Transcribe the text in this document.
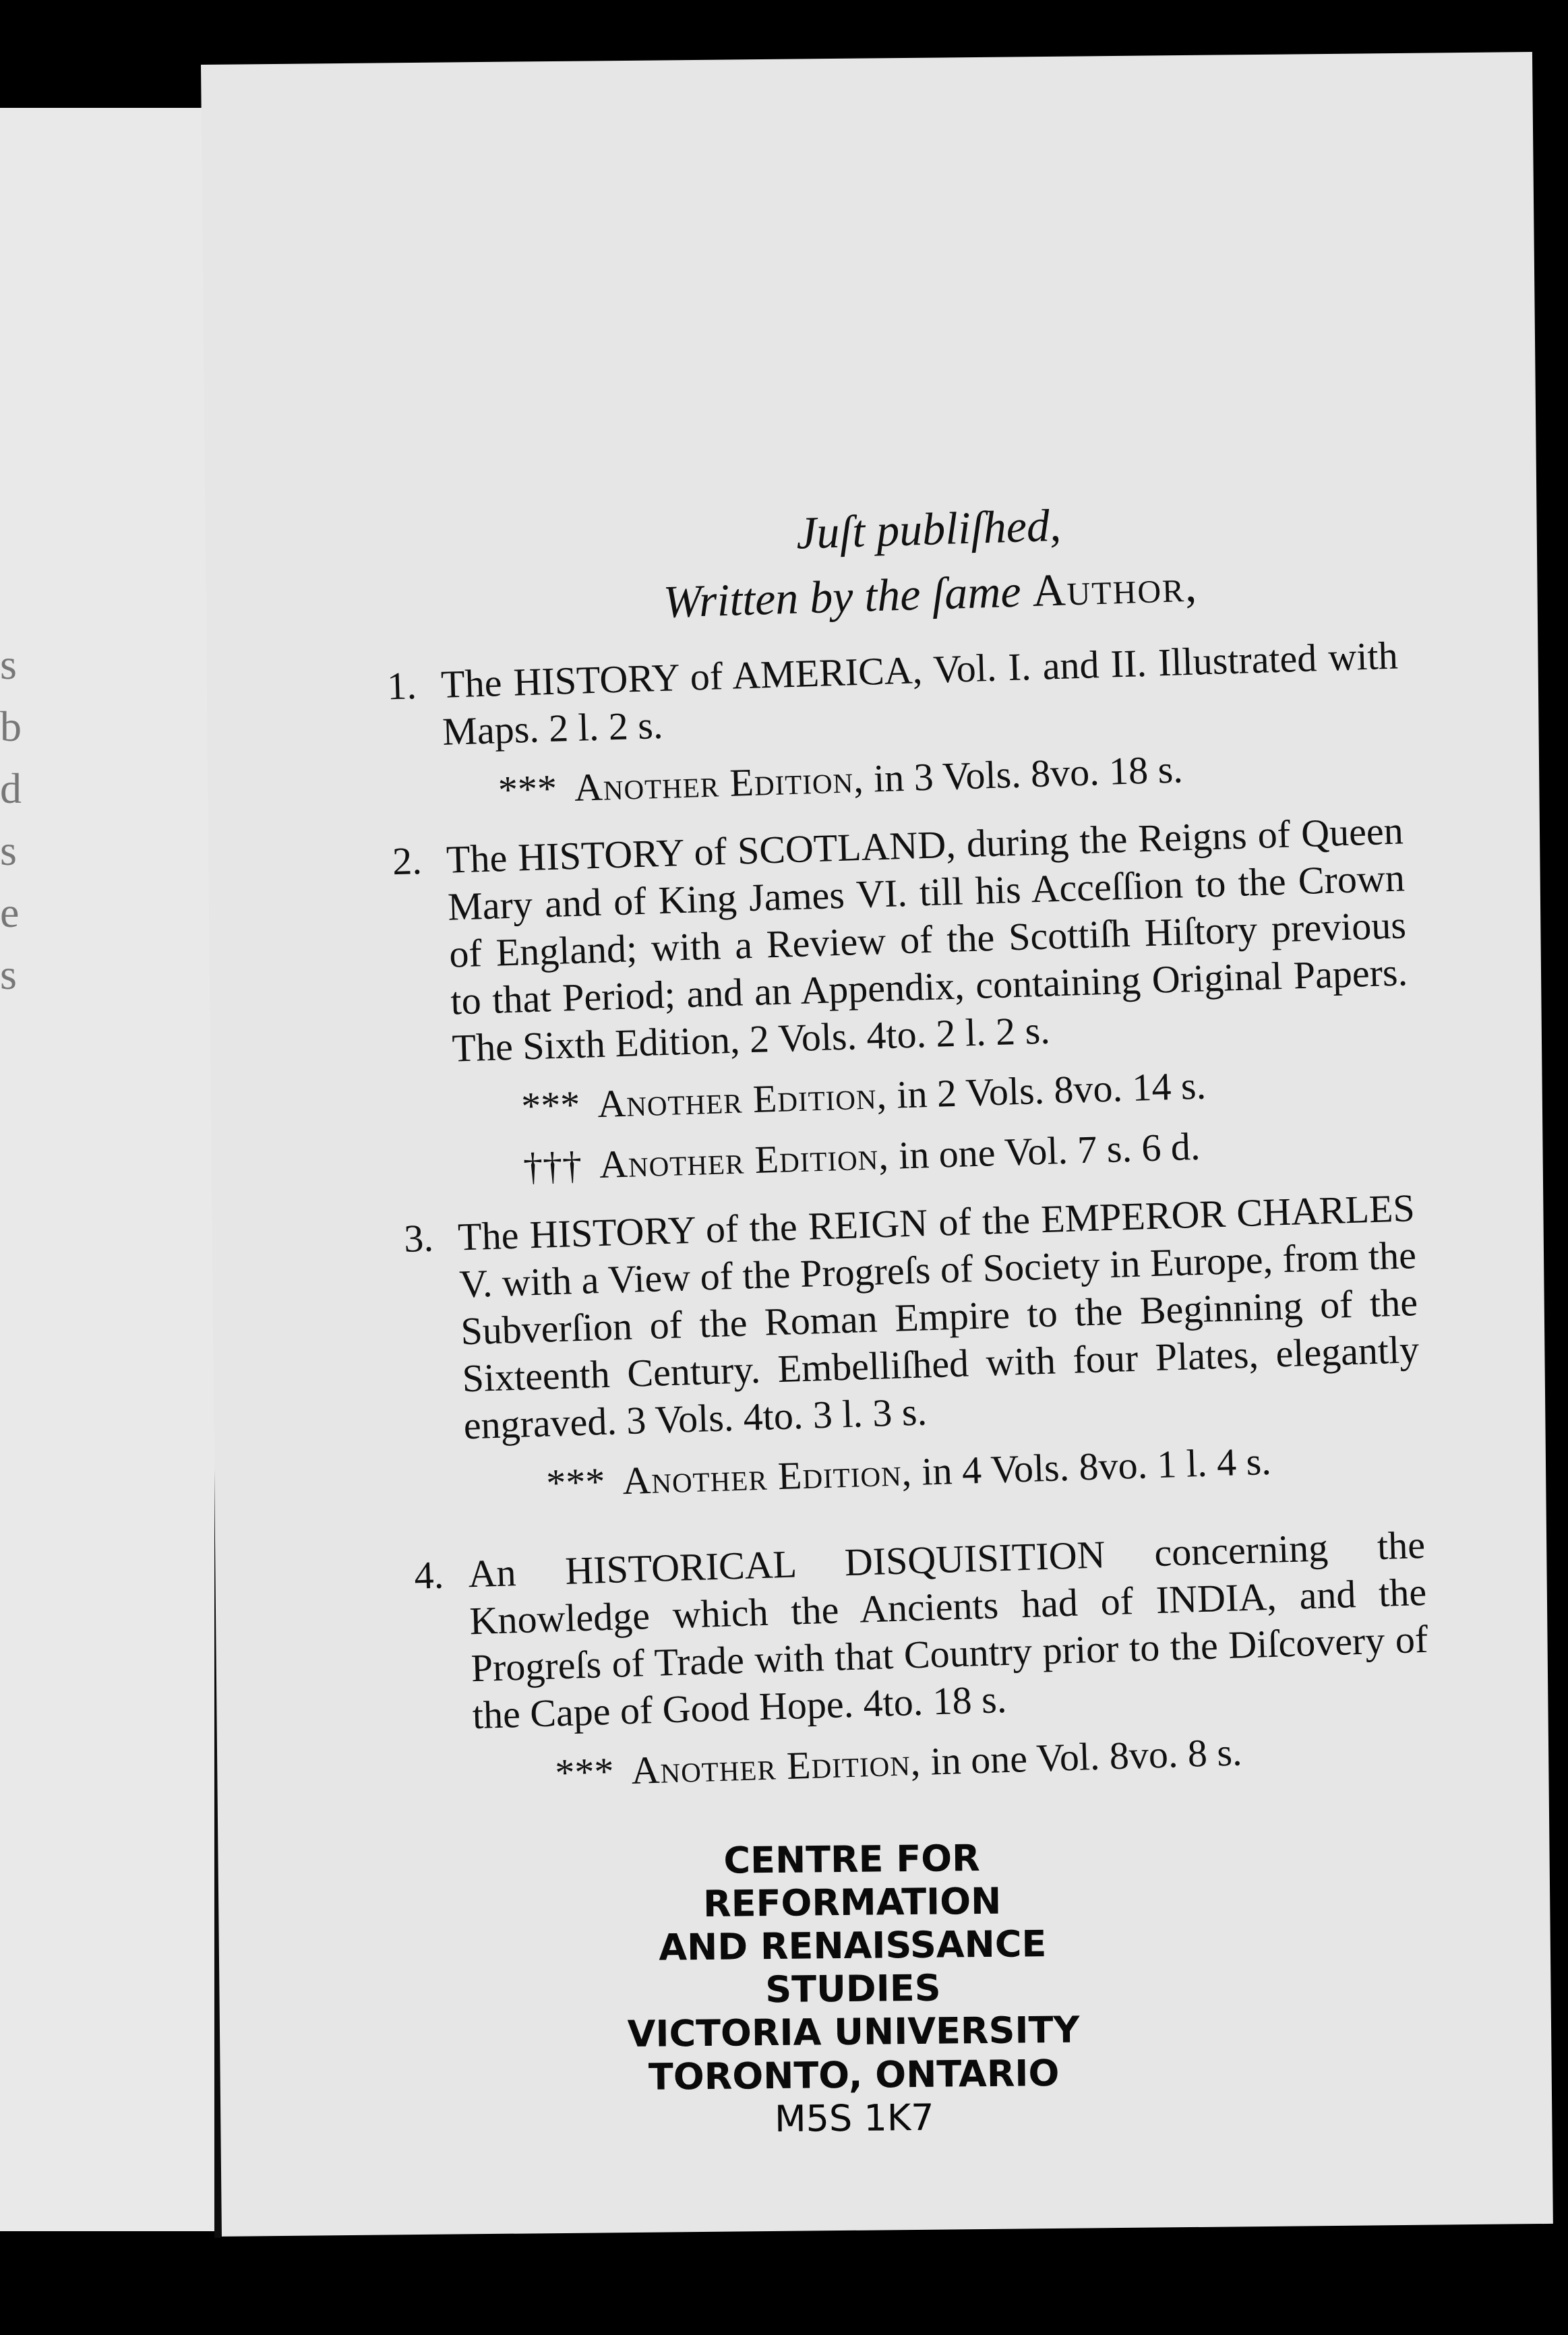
s
b
d
s
e
s
Juſt publiſhed,
Written by the ſame Author,
1. The HISTORY of AMERICA, Vol. I. and II. Illustrated with Maps. 2 l. 2 s.
***Another Edition, in 3 Vols. 8vo. 18 s.
2. The HISTORY of SCOTLAND, during the Reigns of Queen Mary and of King James VI. till his Acceſſion to the Crown of England; with a Review of the Scottiſh Hiſtory previous to that Period; and an Appendix, containing Original Papers. The Sixth Edition, 2 Vols. 4to. 2 l. 2 s.
*** Another Edition, in 2 Vols. 8vo. 14 s.
††† Another Edition, in one Vol. 7 s. 6 d.
3. The HISTORY of the REIGN of the EMPEROR CHARLES V. with a View of the Progreſs of Society in Europe, from the Subverſion of the Roman Empire to the Beginning of the Sixteenth Century. Embelliſhed with four Plates, elegantly engraved. 3 Vols. 4to. 3 l. 3 s.
*** Another Edition, in 4 Vols. 8vo. 1 l. 4 s.
4. An HISTORICAL DISQUISITION concerning the Knowledge which the Ancients had of INDIA, and the Progreſs of Trade with that Country prior to the Diſcovery of the Cape of Good Hope. 4to. 18 s.
*** Another Edition, in one Vol. 8vo. 8 s.
CENTRE FOR REFORMATION
AND RENAISSANCE STUDIES
VICTORIA UNIVERSITY
TORONTO, ONTARIO
M5S 1K7
